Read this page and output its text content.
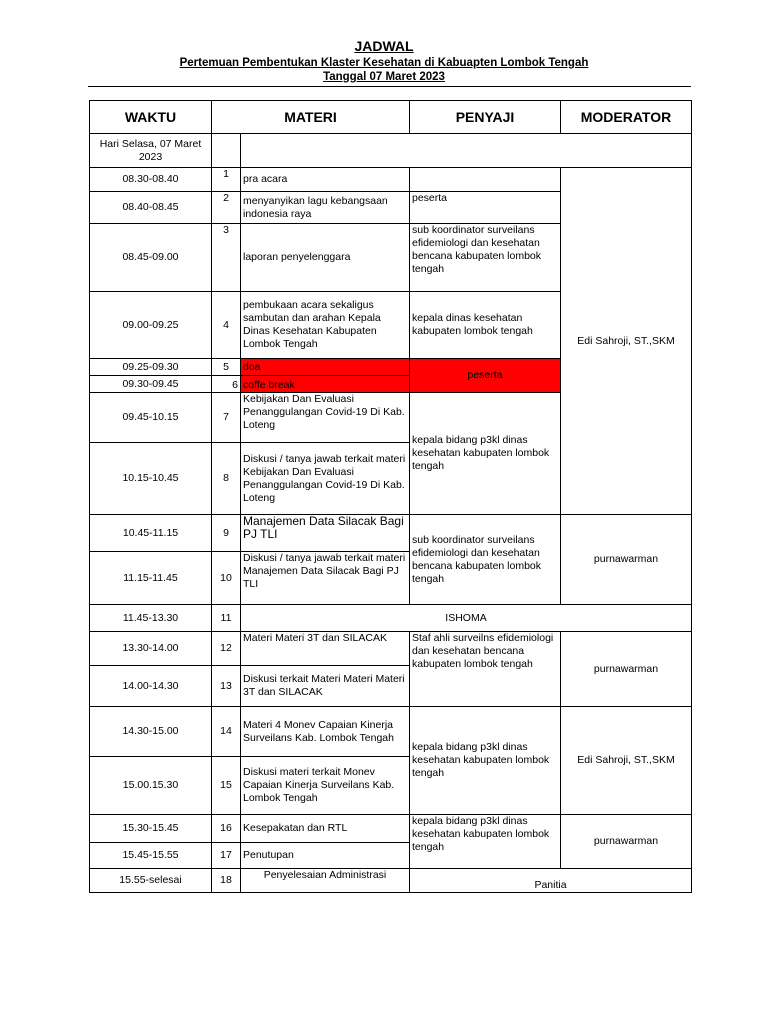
JADWAL
Pertemuan Pembentukan Klaster Kesehatan di Kabuapten Lombok Tengah
Tanggal 07 Maret 2023
WAKTU	MATERI		PENYAJI	MODERATOR
Hari Selasa, 07 Maret 2023				
08.30-08.40	1	pra acara		Edi Sahroji, ST.,SKM
08.40-08.45	2	menyanyikan lagu kebangsaan indonesia raya	peserta	
08.45-09.00	3	laporan penyelenggara	sub koordinator surveilans efidemiologi dan kesehatan bencana kabupaten lombok tengah	
09.00-09.25	4	pembukaan acara sekaligus sambutan dan arahan Kepala Dinas Kesehatan Kabupaten Lombok Tengah	kepala dinas kesehatan kabupaten lombok tengah	
09.25-09.30	5	doa	peserta	
09.30-09.45	6	coffe break		
09.45-10.15	7	Kebijakan Dan Evaluasi Penanggulangan Covid-19 Di Kab. Loteng	kepala bidang p3kl dinas kesehatan kabupaten lombok tengah	
10.15-10.45	8	Diskusi / tanya jawab terkait materi Kebijakan Dan Evaluasi Penanggulangan Covid-19 Di Kab. Loteng		
10.45-11.15	9	Manajemen Data Silacak Bagi PJ TLI	sub koordinator surveilans efidemiologi dan kesehatan bencana kabupaten lombok tengah	purnawarman
11.15-11.45	10	Diskusi / tanya jawab terkait materi Manajemen Data Silacak Bagi PJ TLI		
11.45-13.30	11	ISHOMA		
13.30-14.00	12	Materi Materi 3T dan SILACAK	Staf ahli surveilns efidemiologi dan kesehatan bencana kabupaten lombok tengah	purnawarman
14.00-14.30	13	Diskusi terkait Materi Materi Materi 3T dan SILACAK		
14.30-15.00	14	Materi 4 Monev Capaian Kinerja Surveilans Kab. Lombok Tengah	kepala bidang p3kl dinas kesehatan kabupaten lombok tengah	Edi Sahroji, ST.,SKM
15.00.15.30	15	Diskusi materi terkait Monev Capaian Kinerja Surveilans Kab. Lombok Tengah		
15.30-15.45	16	Kesepakatan dan RTL	kepala bidang p3kl dinas kesehatan kabupaten lombok tengah	purnawarman
15.45-15.55	17	Penutupan		
15.55-selesai	18	Penyelesaian Administrasi	Panitia	
